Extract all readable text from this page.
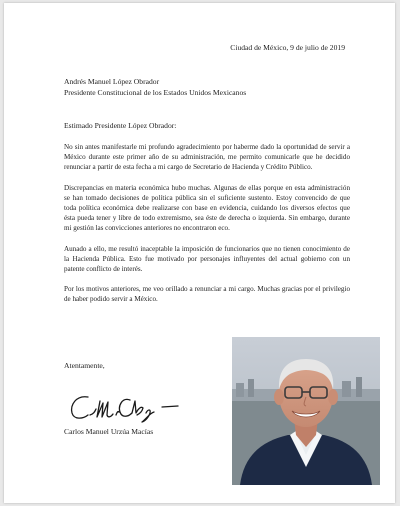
Ciudad de México, 9 de julio de 2019
Andrés Manuel López Obrador
Presidente Constitucional de los Estados Unidos Mexicanos
Estimado Presidente López Obrador:

No sin antes manifestarle mi profundo agradecimiento por haberme dado la oportunidad de servir a México durante este primer año de su administración, me permito comunicarle que he decidido renunciar a partir de esta fecha a mi cargo de Secretario de Hacienda y Crédito Público.

Discrepancias en materia económica hubo muchas. Algunas de ellas porque en esta administración se han tomado decisiones de política pública sin el suficiente sustento. Estoy convencido de que toda política económica debe realizarse con base en evidencia, cuidando los diversos efectos que ésta pueda tener y libre de todo extremismo, sea éste de derecha o izquierda. Sin embargo, durante mi gestión las convicciones anteriores no encontraron eco.

Aunado a ello, me resultó inaceptable la imposición de funcionarios que no tienen conocimiento de la Hacienda Pública. Esto fue motivado por personajes influyentes del actual gobierno con un patente conflicto de interés.

Por los motivos anteriores, me veo orillado a renunciar a mi cargo. Muchas gracias por el privilegio de haber podido servir a México.

Atentamente,
Carlos Manuel Urzúa Macías
